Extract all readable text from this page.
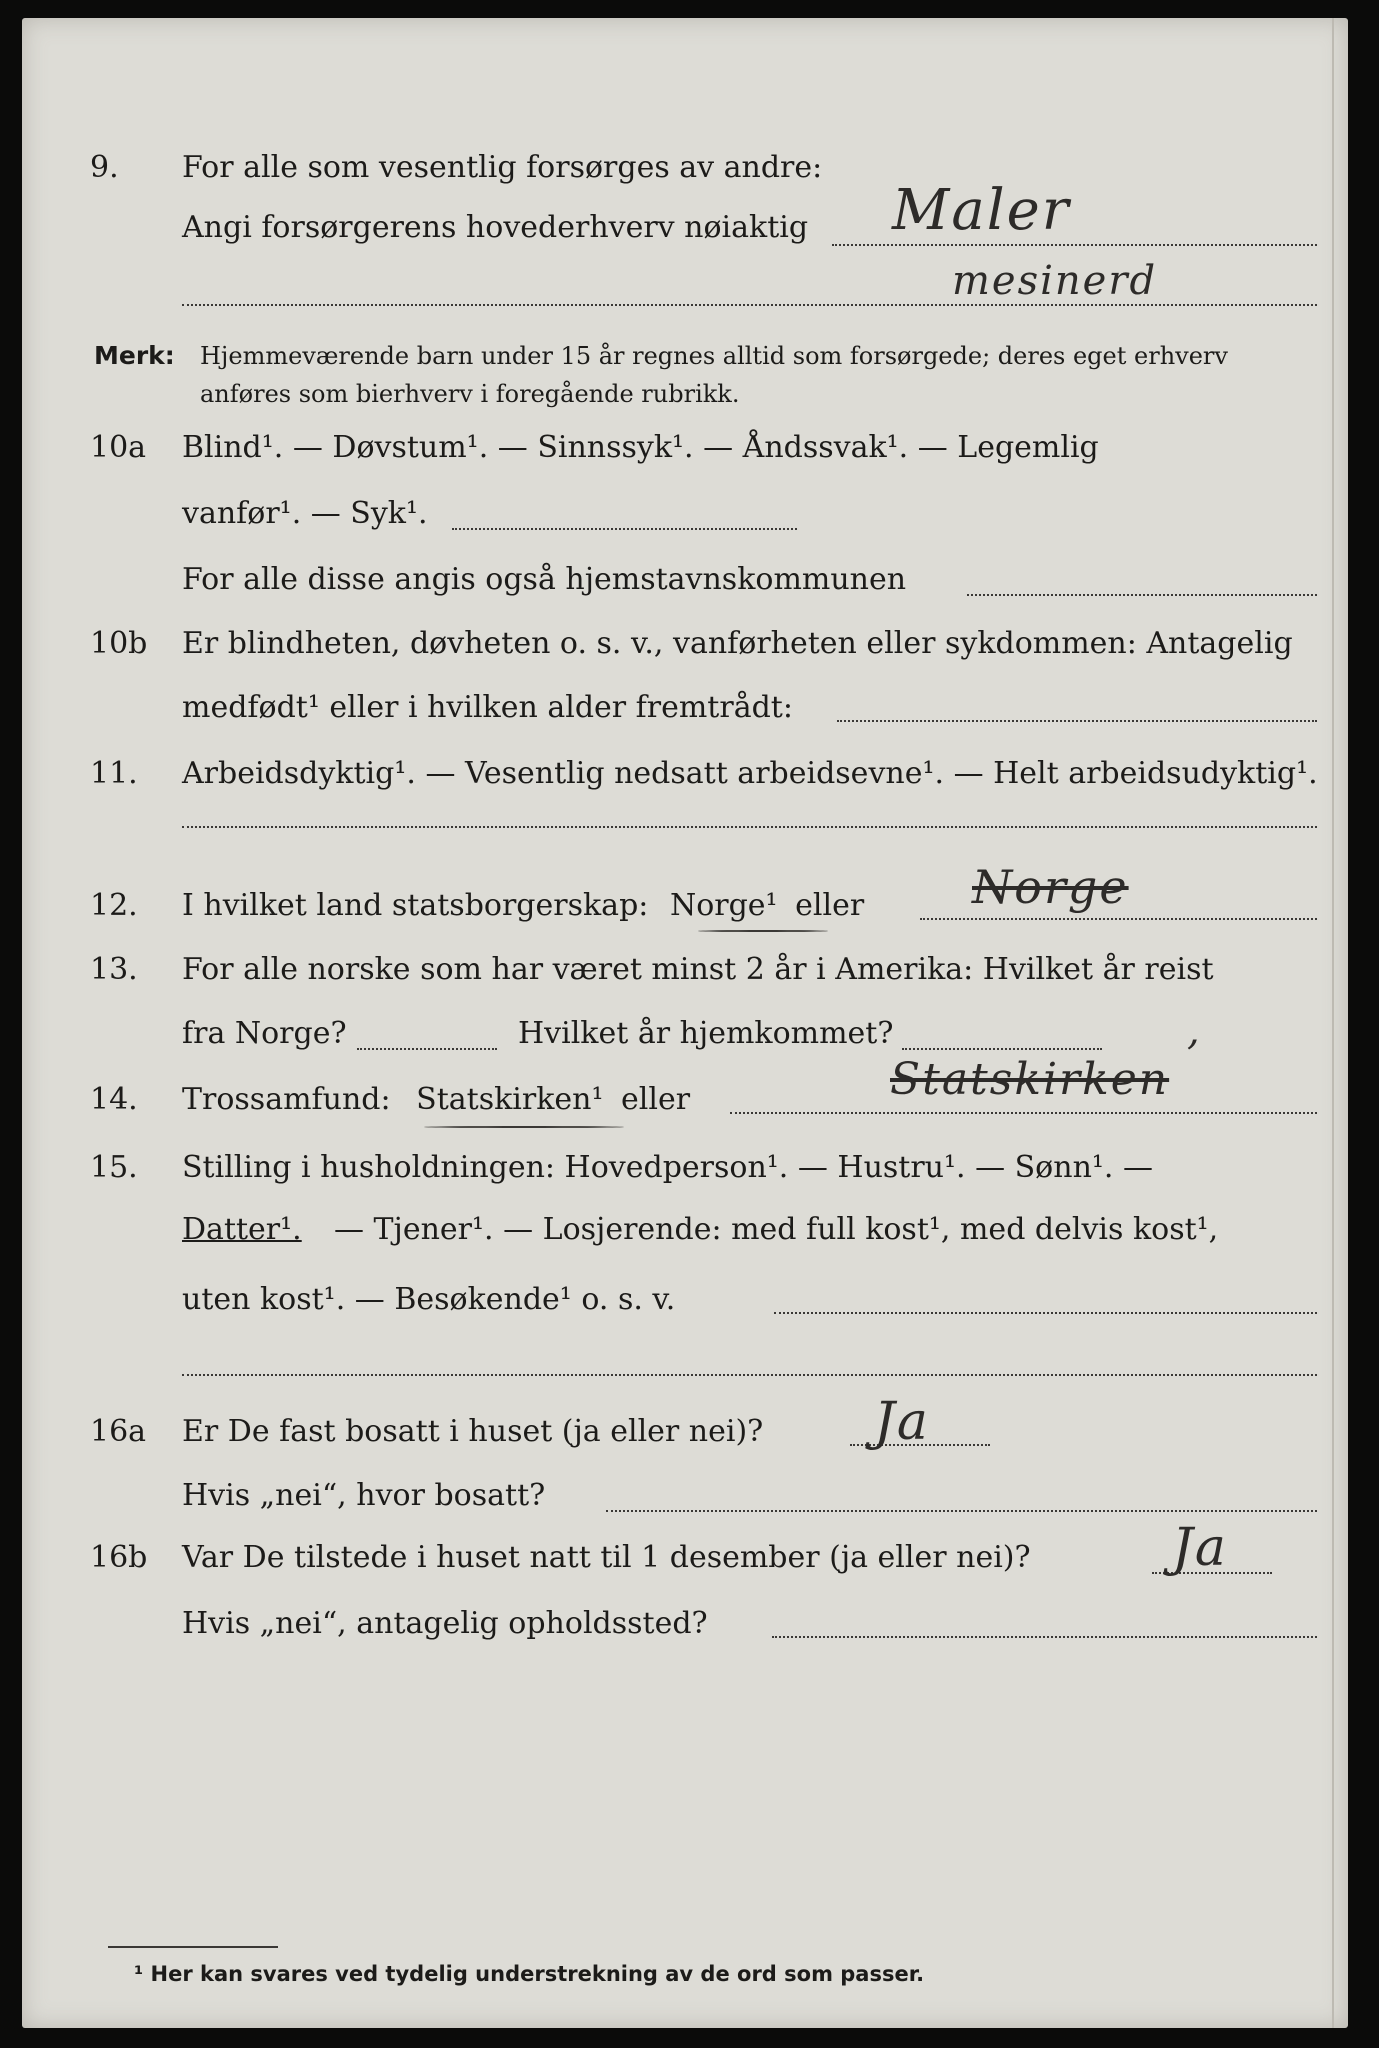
9. For alle som vesentlig forsørges av andre:
Angi forsørgerens hovederhverv nøiaktig Maler
mesinerd
Merk: Hjemmeværende barn under 15 år regnes alltid som forsørgede; deres eget erhverv
anføres som bierhverv i foregående rubrikk.
10a Blind¹. — Døvstum¹. — Sinnssyk¹. — Åndssvak¹. — Legemlig
vanfør¹. — Syk¹.
For alle disse angis også hjemstavnskommunen
10b Er blindheten, døvheten o. s. v., vanførheten eller sykdommen: Antagelig
medfødt¹ eller i hvilken alder fremtrådt:
11. Arbeidsdyktig¹. — Vesentlig nedsatt arbeidsevne¹. — Helt arbeidsudyktig¹.
12. I hvilket land statsborgerskap: Norge¹ eller Norge
13. For alle norske som har været minst 2 år i Amerika: Hvilket år reist
fra Norge?	Hvilket år hjemkommet?	,
14. Trossamfund: Statskirken¹ eller	Statskirken
15. Stilling i husholdningen: Hovedperson¹. — Hustru¹. — Sønn¹. —
Datter¹. — Tjener¹. — Losjerende: med full kost¹, med delvis kost¹,
uten kost¹. — Besøkende¹ o. s. v.
16a Er De fast bosatt i huset (ja eller nei)? Ja
Hvis „nei“, hvor bosatt?
16b Var De tilstede i huset natt til 1 desember (ja eller nei)?	Ja
Hvis „nei“, antagelig opholdssted?
¹ Her kan svares ved tydelig understrekning av de ord som passer.
